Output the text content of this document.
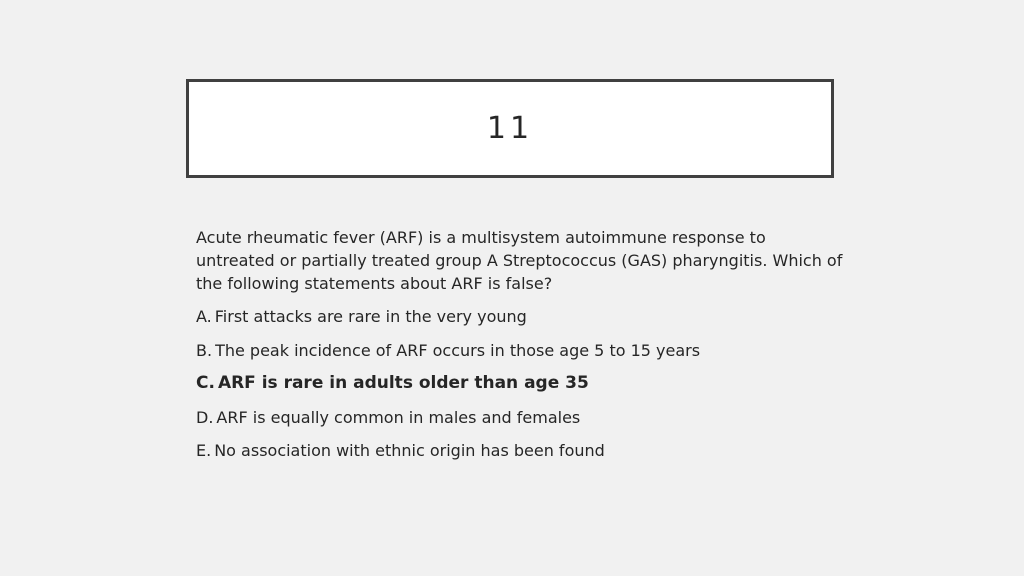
11

Acute rheumatic fever (ARF) is a multisystem autoimmune response to untreated or partially treated group A Streptococcus (GAS) pharyngitis. Which of the following statements about ARF is false?

A. First attacks are rare in the very young
B. The peak incidence of ARF occurs in those age 5 to 15 years
C. ARF is rare in adults older than age 35
D. ARF is equally common in males and females
E. No association with ethnic origin has been found
